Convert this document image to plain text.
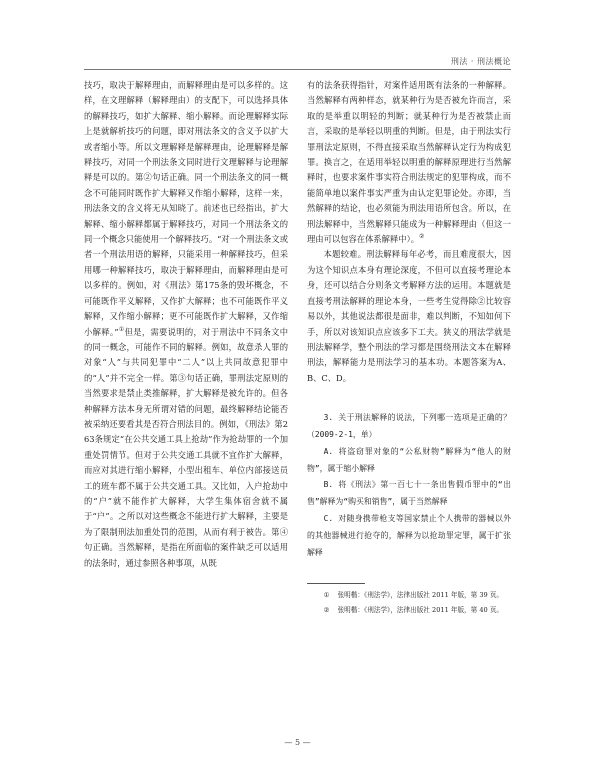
刑法 · 刑法概论

技巧，取决于解释理由，而解释理由是可以多样的。这样，在文理解释（解释理由）的支配下，可以选择具体的解释技巧，如扩大解释、缩小解释。而论理解释实际上是就解析技巧的问题，即对刑法条文的含义予以扩大或者缩小等。所以文理解释是解释理由，论理解释是解释技巧，对同一个刑法条文同时进行文理解释与论理解释是可以的。第②句话正确。同一个刑法条文的同一概念不可能同时既作扩大解释又作缩小解释，这样一来，刑法条文的含义将无从知晓了。前述也已经指出，扩大解释、缩小解释都属于解释技巧，对同一个刑法条文的同一个概念只能使用一个解释技巧。“对一个刑法条文或者一个刑法用语的解释，只能采用一种解释技巧，但采用哪一种解释技巧，取决于解释理由，而解释理由是可以多样的。例如，对《刑法》第175条的毁坏概念，不可能既作平义解释，又作扩大解释；也不可能既作平义解释，又作缩小解释；更不可能既作扩大解释，又作缩小解释。”①但是，需要说明的，对于刑法中不同条文中的同一概念，可能作不同的解释。例如，故意杀人罪的对象“人”与共同犯罪中“二人”以上共同故意犯罪中的“人”并不完全一样。第③句话正确，罪刑法定原则的当然要求是禁止类推解释，扩大解释是被允许的。但各种解释方法本身无所谓对错的问题，最终解释结论能否被采纳还要看其是否符合刑法目的。例如，《刑法》第263条规定“在公共交通工具上抢劫”作为抢劫罪的一个加重处罚情节。但对于公共交通工具就不宜作扩大解释，而应对其进行缩小解释，小型出租车、单位内部接送员工的班车都不属于公共交通工具。又比如，入户抢劫中的“户”就不能作扩大解释，大学生集体宿舍就不属于“户”。之所以对这些概念不能进行扩大解释，主要是为了限制刑法加重处罚的范围，从而有利于被告。第④句正确。当然解释，是指在所面临的案件缺乏可以适用的法条时，通过参照各种事项，从既

有的法条获得指针，对案件适用既有法条的一种解释。当然解释有两种样态，就某种行为是否被允许而言，采取的是举重以明轻的判断；就某种行为是否被禁止而言，采取的是举轻以明重的判断。但是，由于刑法实行罪刑法定原则，不得直接采取当然解释认定行为构成犯罪。换言之，在适用举轻以明重的解释原理进行当然解释时，也要求案件事实符合刑法规定的犯罪构成，而不能简单地以案件事实严重为由认定犯罪论处。亦即，当然解释的结论，也必须能为刑法用语所包含。所以，在刑法解释中，当然解释只能成为一种解释理由（但这一理由可以包容在体系解释中）。②

本题较难。刑法解释每年必考，而且难度很大，因为这个知识点本身有理论深度，不但可以直接考理论本身，还可以结合分则条文考解释方法的运用。本题就是直接考刑法解释的理论本身，一些考生觉得除②比较容易以外，其他说法都很是面非，难以判断，不知如何下手，所以对该知识点应该多下工夫。狭义的刑法学就是刑法解释学，整个刑法的学习都是围绕刑法文本在解释刑法，解释能力是刑法学习的基本功。本题答案为A、B、C、D。

3. 关于刑法解释的说法，下列哪一选项是正确的？（2009-2-1，单）

A. 将盗窃罪对象的“公私财物”解释为“他人的财物”，属于缩小解释

B. 将《刑法》第一百七十一条出售假币罪中的“出售”解释为“购买和销售”，属于当然解释

C. 对随身携带枪支等国家禁止个人携带的器械以外的其他器械进行抢夺的，解释为以抢劫罪定罪，属于扩张解释

① 张明楷：《刑法学》，法律出版社 2011 年版，第 39 页。

② 张明楷：《刑法学》，法律出版社 2011 年版，第 40 页。

— 5 —
